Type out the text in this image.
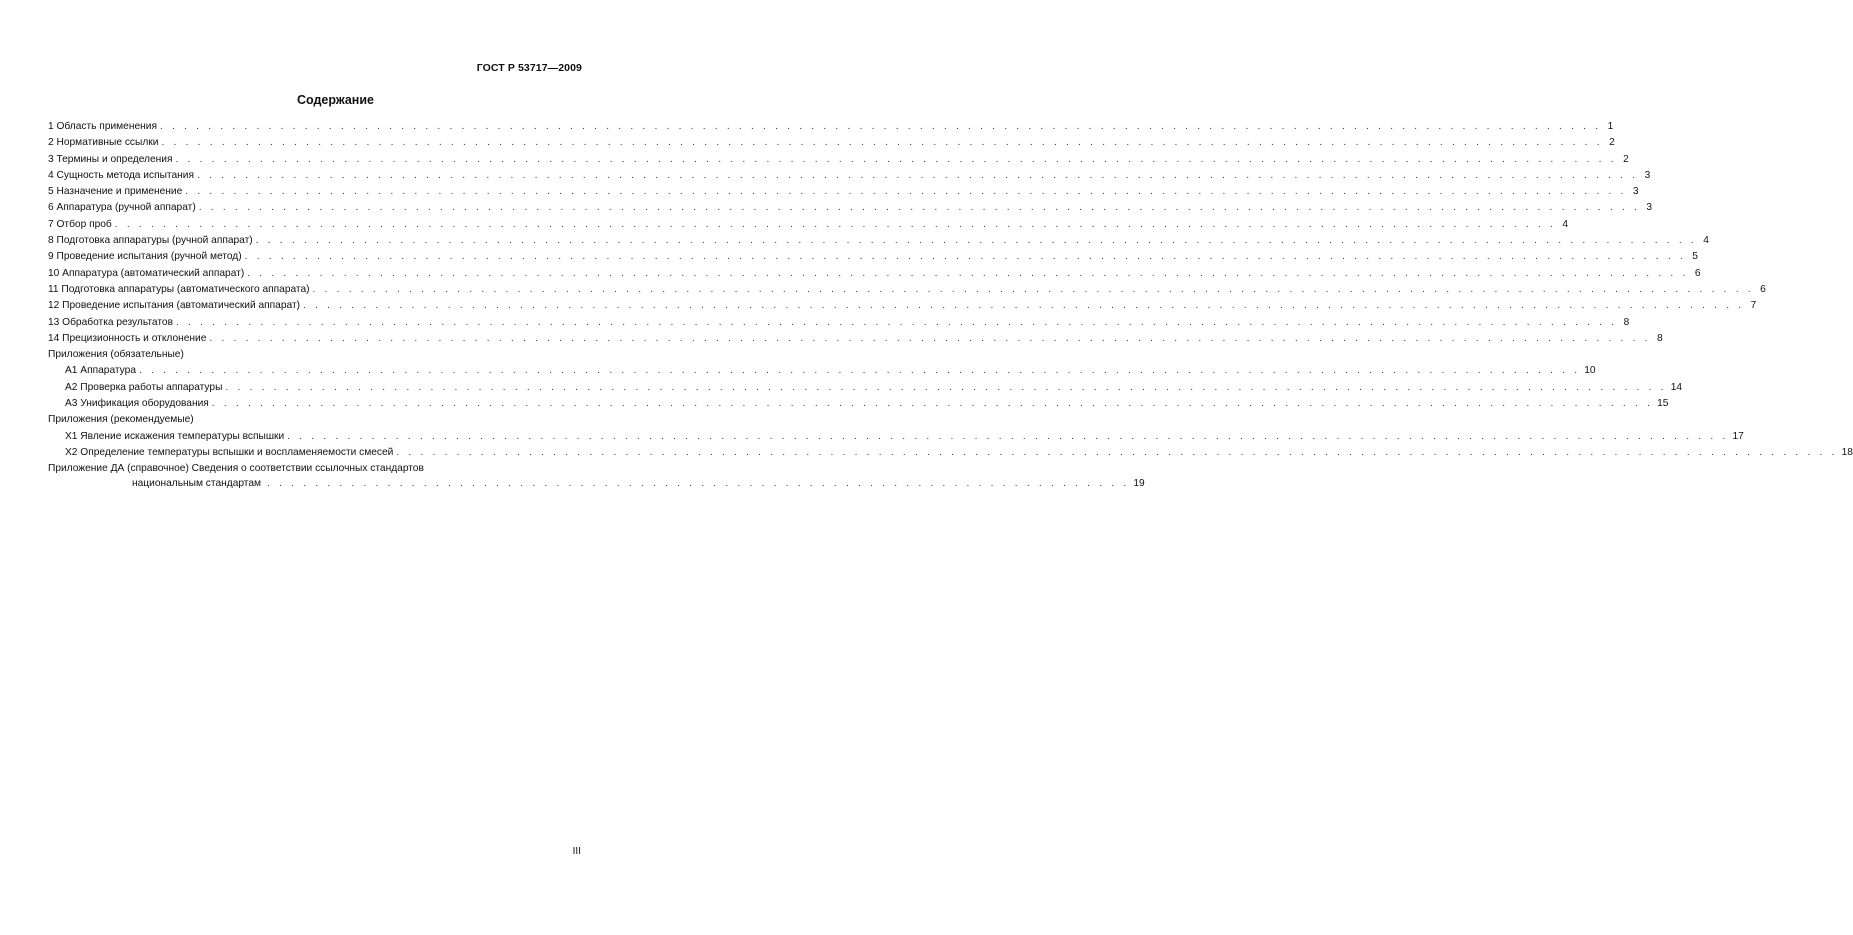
ГОСТ Р 53717—2009
Содержание
1 Область применения . . . . . . . . . . . . . . . . . . . . . . . . . . . . . . . . . . . . . . . . . . . . . . . . . . . . . . . . . . . . . . . . . . . . . . . . . . . . . . . . . . . . . . . . . . . . . . . . . . . . . . . . . . . . . . . . . . . . . . . . 1
2 Нормативные ссылки . . . . . . . . . . . . . . . . . . . . . . . . . . . . . . . . . . . . . . . . . . . . . . . . . . . . . . . . . . . . . . . . . . . . . . . . . . . . . . . . . . . . . . . . . . . . . . . . . . . . . . . . . . . . . . . . . . . . . . . . 2
3 Термины и определения . . . . . . . . . . . . . . . . . . . . . . . . . . . . . . . . . . . . . . . . . . . . . . . . . . . . . . . . . . . . . . . . . . . . . . . . . . . . . . . . . . . . . . . . . . . . . . . . . . . . . . . . . . . . . . . . . . . . . . . . 2
4 Сущность метода испытания . . . . . . . . . . . . . . . . . . . . . . . . . . . . . . . . . . . . . . . . . . . . . . . . . . . . . . . . . . . . . . . . . . . . . . . . . . . . . . . . . . . . . . . . . . . . . . . . . . . . . . . . . . . . . . . . . . . . . . . . 3
5 Назначение и применение . . . . . . . . . . . . . . . . . . . . . . . . . . . . . . . . . . . . . . . . . . . . . . . . . . . . . . . . . . . . . . . . . . . . . . . . . . . . . . . . . . . . . . . . . . . . . . . . . . . . . . . . . . . . . . . . . . . . . . . . 3
6 Аппаратура (ручной аппарат) . . . . . . . . . . . . . . . . . . . . . . . . . . . . . . . . . . . . . . . . . . . . . . . . . . . . . . . . . . . . . . . . . . . . . . . . . . . . . . . . . . . . . . . . . . . . . . . . . . . . . . . . . . . . . . . . . . . . . . . . 3
7 Отбор проб . . . . . . . . . . . . . . . . . . . . . . . . . . . . . . . . . . . . . . . . . . . . . . . . . . . . . . . . . . . . . . . . . . . . . . . . . . . . . . . . . . . . . . . . . . . . . . . . . . . . . . . . . . . . . . . . . . . . . . . . 4
8 Подготовка аппаратуры (ручной аппарат) . . . . . . . . . . . . . . . . . . . . . . . . . . . . . . . . . . . . . . . . . . . . . . . . . . . . . . . . . . . . . . . . . . . . . . . . . . . . . . . . . . . . . . . . . . . . . . . . . . . . . . . . . . . . . . . . . . . . . . . . 4
9 Проведение испытания (ручной метод) . . . . . . . . . . . . . . . . . . . . . . . . . . . . . . . . . . . . . . . . . . . . . . . . . . . . . . . . . . . . . . . . . . . . . . . . . . . . . . . . . . . . . . . . . . . . . . . . . . . . . . . . . . . . . . . . . . . . . . . . 5
10 Аппаратура (автоматический аппарат) . . . . . . . . . . . . . . . . . . . . . . . . . . . . . . . . . . . . . . . . . . . . . . . . . . . . . . . . . . . . . . . . . . . . . . . . . . . . . . . . . . . . . . . . . . . . . . . . . . . . . . . . . . . . . . . . . . . . . . . . 6
11 Подготовка аппаратуры (автоматического аппарата) . . . . . . . . . . . . . . . . . . . . . . . . . . . . . . . . . . . . . . . . . . . . . . . . . . . . . . . . . . . . . . . . . . . . . . . . . . . . . . . . . . . . . . . . . . . . . . . . . . . . . . . . . . . . . . . . . . . . . . . . 6
12 Проведение испытания (автоматический аппарат) . . . . . . . . . . . . . . . . . . . . . . . . . . . . . . . . . . . . . . . . . . . . . . . . . . . . . . . . . . . . . . . . . . . . . . . . . . . . . . . . . . . . . . . . . . . . . . . . . . . . . . . . . . . . . . . . . . . . . . . . 7
13 Обработка результатов . . . . . . . . . . . . . . . . . . . . . . . . . . . . . . . . . . . . . . . . . . . . . . . . . . . . . . . . . . . . . . . . . . . . . . . . . . . . . . . . . . . . . . . . . . . . . . . . . . . . . . . . . . . . . . . . . . . . . . . . 8
14 Прецизионность и отклонение . . . . . . . . . . . . . . . . . . . . . . . . . . . . . . . . . . . . . . . . . . . . . . . . . . . . . . . . . . . . . . . . . . . . . . . . . . . . . . . . . . . . . . . . . . . . . . . . . . . . . . . . . . . . . . . . . . . . . . . . 8
Приложения (обязательные)
А1 Аппаратура . . . . . . . . . . . . . . . . . . . . . . . . . . . . . . . . . . . . . . . . . . . . . . . . . . . . . . . . . . . . . . . . . . . . . . . . . . . . . . . . . . . . . . . . . . . . . . . . . . . . . . . . . . . . . . . . . . . . . . . . 10
А2 Проверка работы аппаратуры . . . . . . . . . . . . . . . . . . . . . . . . . . . . . . . . . . . . . . . . . . . . . . . . . . . . . . . . . . . . . . . . . . . . . . . . . . . . . . . . . . . . . . . . . . . . . . . . . . . . . . . . . . . . . . . . . . . . . . . . 14
А3 Унификация оборудования . . . . . . . . . . . . . . . . . . . . . . . . . . . . . . . . . . . . . . . . . . . . . . . . . . . . . . . . . . . . . . . . . . . . . . . . . . . . . . . . . . . . . . . . . . . . . . . . . . . . . . . . . . . . . . . . . . . . . . . . 15
Приложения (рекомендуемые)
Х1 Явление искажения температуры вспышки . . . . . . . . . . . . . . . . . . . . . . . . . . . . . . . . . . . . . . . . . . . . . . . . . . . . . . . . . . . . . . . . . . . . . . . . . . . . . . . . . . . . . . . . . . . . . . . . . . . . . . . . . . . . . . . . . . . . . . . . 17
Х2 Определение температуры вспышки и воспламеняемости смесей . . . . . . . . . . . . . . . . . . . . . . . . . . . . . . . . . . . . . . . . . . . . . . . . . . . . . . . . . . . . . . . . . . . . . . . . . . . . . . . . . . . . . . . . . . . . . . . . . . . . . . . . . . . . . . . . . . . . . . . . 18
Приложение ДА (справочное) Сведения о соответствии ссылочных стандартов
национальным стандартам . . . . . . . . . . . . . . . . . . . . . . . . . . . . . . . . . . . . . . . . . . . . . . . . . . . . . . . . . . . . . . . . . . . . . . . . 19
III
